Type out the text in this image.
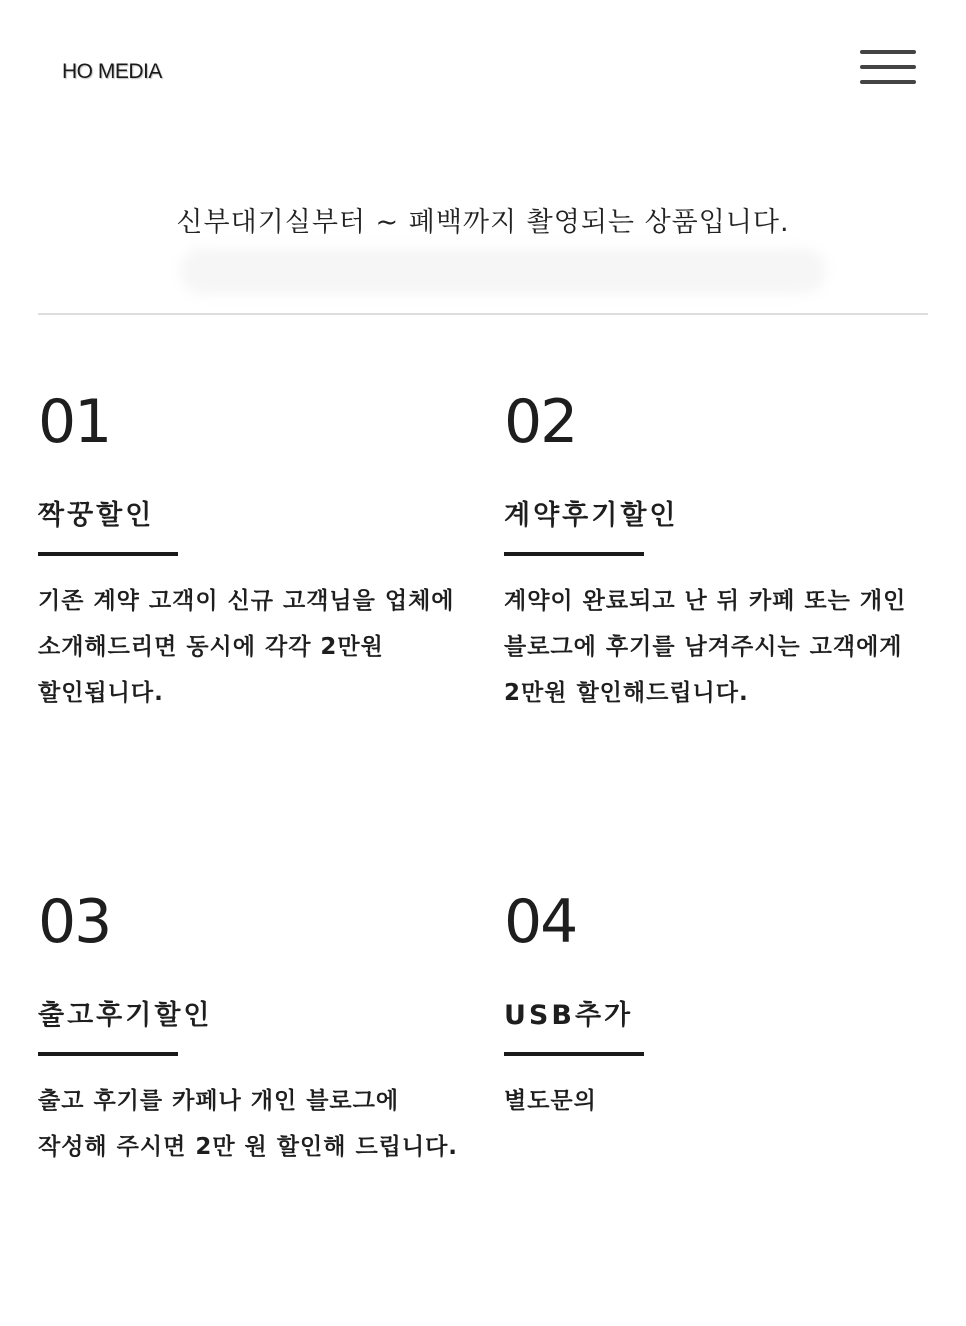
HO MEDIA
신부대기실부터 ~ 폐백까지 촬영되는 상품입니다.
01
짝꿍할인
기존 계약 고객이 신규 고객님을 업체에 소개해드리면 동시에 각각 2만원 할인됩니다.
02
계약후기할인
계약이 완료되고 난 뒤 카페 또는 개인 블로그에 후기를 남겨주시는 고객에게 2만원 할인해드립니다.
03
출고후기할인
출고 후기를 카페나 개인 블로그에 작성해 주시면 2만 원 할인해 드립니다.
04
USB추가
별도문의
